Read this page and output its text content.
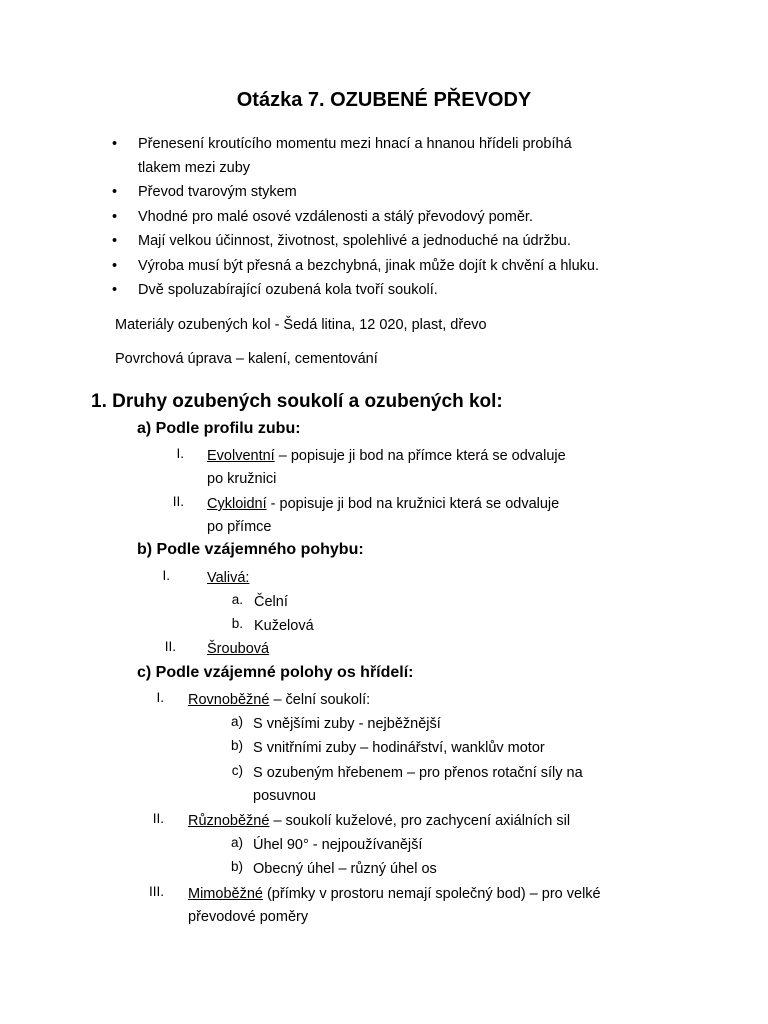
Otázka 7. OZUBENÉ PŘEVODY
•	Přenesení kroutícího momentu mezi hnací a hnanou hřídeli probíhá
tlakem mezi zuby
•	Převod tvarovým stykem
•	Vhodné pro malé osové vzdálenosti a stálý převodový poměr.
•	Mají velkou účinnost, životnost, spolehlivé a jednoduché na údržbu.
•	Výroba musí být přesná a bezchybná, jinak může dojít k chvění a hluku.
•	Dvě spoluzabírající ozubená kola tvoří soukolí.
Materiály ozubených kol - Šedá litina, 12 020, plast, dřevo
Povrchová úprava – kalení, cementování
1. Druhy ozubených soukolí a ozubených kol:
a) Podle profilu zubu:
I. Evolventní – popisuje ji bod na přímce která se odvaluje
po kružnici
II. Cykloidní - popisuje ji bod na kružnici která se odvaluje
po přímce
b) Podle vzájemného pohybu:
I.	Valivá:
a. Čelní
b. Kuželová
II. Šroubová
c) Podle vzájemné polohy os hřídelí:
I. Rovnoběžné – čelní soukolí:
a) S vnějšími zuby - nejběžnější
b) S vnitřními zuby – hodinářství, wanklův motor
c) S ozubeným hřebenem – pro přenos rotační síly na
posuvnou
II. Různoběžné – soukolí kuželové, pro zachycení axiálních sil
a) Úhel 90° - nejpoužívanější
b) Obecný úhel – různý úhel os
III. Mimoběžné (přímky v prostoru nemají společný bod) – pro velké
převodové poměry
